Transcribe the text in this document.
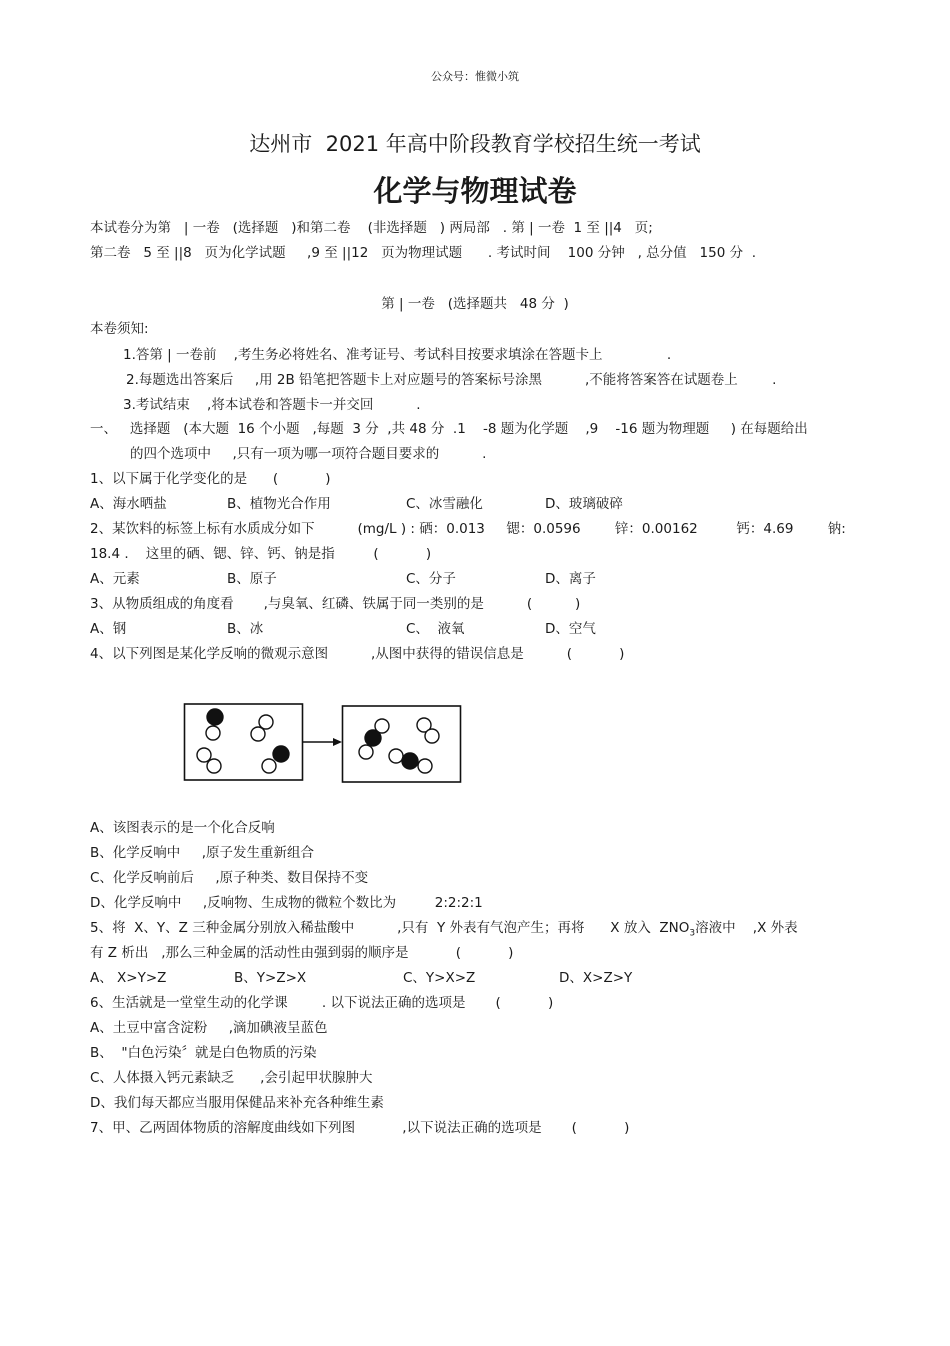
公众号：惟微小筑
达州市  2021 年高中阶段教育学校招生统一考试
化学与物理试卷
本试卷分为第   | 一卷   (选择题   )和第二卷    (非选择题   ) 两局部   . 第 | 一卷  1 至 ||4   页;
第二卷   5 至 ||8   页为化学试题     ,9 至 ||12   页为物理试题      . 考试时间    100 分钟   , 总分值   150 分  .
第 | 一卷   (选择题共   48 分  )
本卷须知:
1.答第 | 一卷前    ,考生务必将姓名、准考证号、考试科目按要求填涂在答题卡上               .
2.每题选出答案后     ,用 2B 铅笔把答题卡上对应题号的答案标号涂黑          ,不能将答案答在试题卷上        .
3.考试结束    ,将本试卷和答题卡一并交回          .
一、   选择题   (本大题  16 个小题   ,每题  3 分  ,共 48 分  .1    -8 题为化学题    ,9    -16 题为物理题     ) 在每题给出
的四个选项中     ,只有一项为哪一项符合题目要求的          .
1、以下属于化学变化的是      (           )
A、海水晒盐	B、植物光合作用	C、冰雪融化	D、玻璃破碎
2、某饮料的标签上标有水质成分如下          (mg/L ) : 硒：0.013     锶：0.0596        锌：0.00162         钙：4.69        钠:
18.4 .    这里的硒、锶、锌、钙、钠是指         (           )
A、元素	B、原子	C、分子	D、离子
3、从物质组成的角度看       ,与臭氧、红磷、铁属于同一类别的是          (          )
A、钢	B、冰	C、  液氧	D、空气
4、以下列图是某化学反响的微观示意图          ,从图中获得的错误信息是          (           )
A、该图表示的是一个化合反响
B、化学反响中     ,原子发生重新组合
C、化学反响前后     ,原子种类、数目保持不变
D、化学反响中     ,反响物、生成物的微粒个数比为         2:2:2:1
5、将  X、Y、Z 三种金属分别放入稀盐酸中          ,只有  Y 外表有气泡产生；再将      X 放入  $ZNO_3$溶液中    ,X 外表
有 Z 析出   ,那么三种金属的活动性由强到弱的顺序是           (           )
A、 X>Y>Z	B、Y>Z>X	C、Y>X>Z	D、X>Z>Y
6、生活就是一堂堂生动的化学课        . 以下说法正确的选项是       (           )
A、土豆中富含淀粉     ,滴加碘液呈蓝色
B、  "白色污染〞就是白色物质的污染
C、人体摄入钙元素缺乏      ,会引起甲状腺肿大
D、我们每天都应当服用保健品来补充各种维生素
7、甲、乙两固体物质的溶解度曲线如下列图           ,以下说法正确的选项是       (           )
